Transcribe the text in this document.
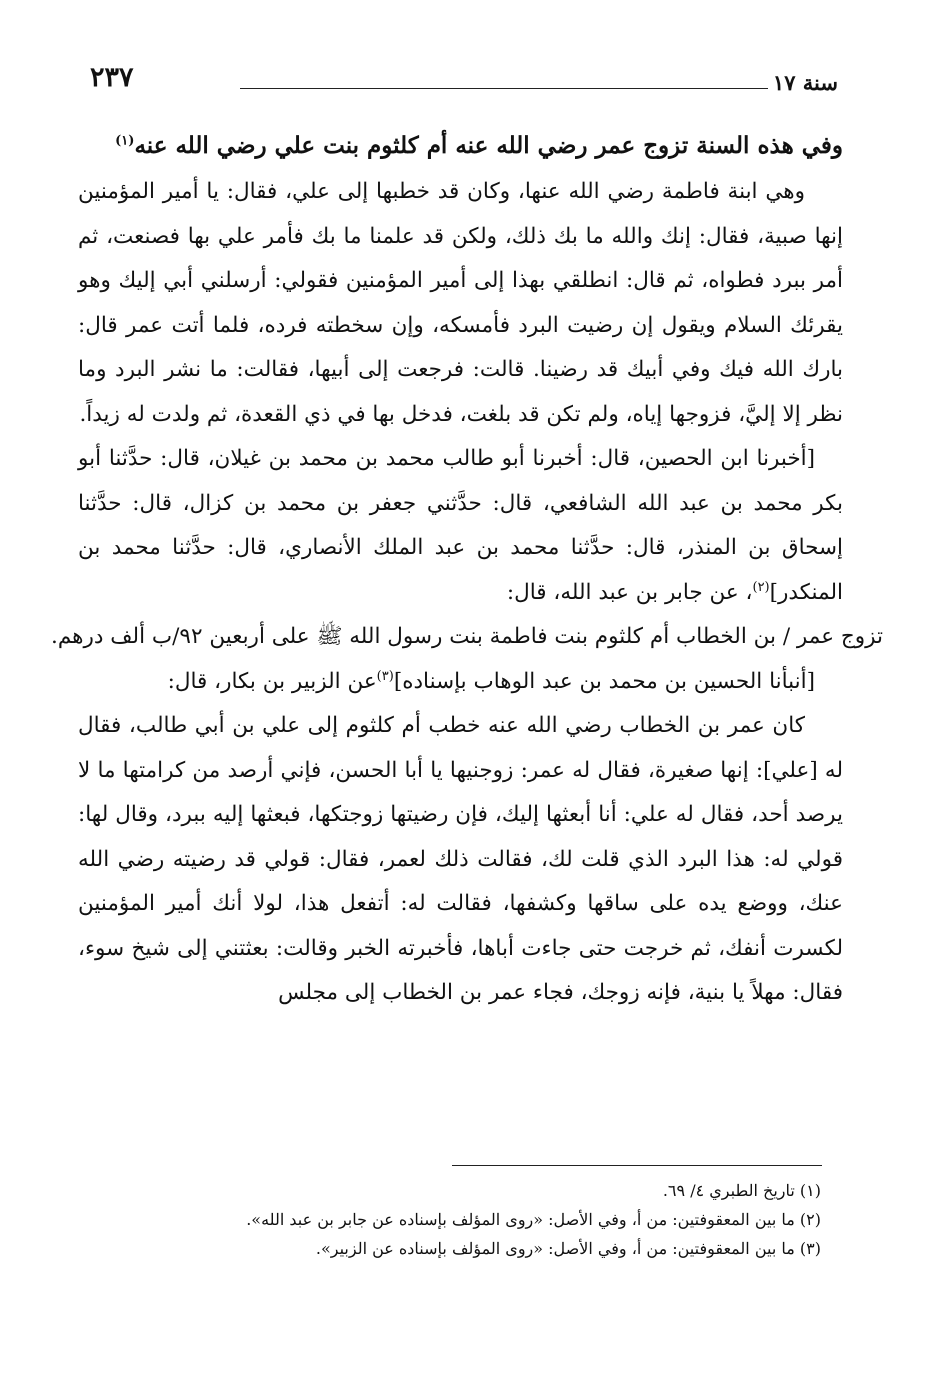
٢٣٧	سنة ١٧
وفي هذه السنة تزوج عمر رضي الله عنه أم كلثوم بنت علي رضي الله عنه$^{(١)}$

وهي ابنة فاطمة رضي الله عنها، وكان قد خطبها إلى علي، فقال: يا أمير المؤمنين إنها صبية، فقال: إنك والله ما بك ذلك، ولكن قد علمنا ما بك فأمر علي بها فصنعت، ثم أمر ببرد فطواه، ثم قال: انطلقي بهذا إلى أمير المؤمنين فقولي: أرسلني أبي إليك وهو يقرئك السلام ويقول إن رضيت البرد فأمسكه، وإن سخطته فرده، فلما أتت عمر قال: بارك الله فيك وفي أبيك قد رضينا. قالت: فرجعت إلى أبيها، فقالت: ما نشر البرد وما نظر إلا إليَّ، فزوجها إياه، ولم تكن قد بلغت، فدخل بها في ذي القعدة، ثم ولدت له زيداً.

[أخبرنا ابن الحصين، قال: أخبرنا أبو طالب محمد بن محمد بن غيلان، قال: حدَّثنا أبو بكر محمد بن عبد الله الشافعي، قال: حدَّثني جعفر بن محمد بن كزال، قال: حدَّثنا إسحاق بن المنذر، قال: حدَّثنا محمد بن عبد الملك الأنصاري، قال: حدَّثنا محمد بن المنكدر]$^{(٢)}$، عن جابر بن عبد الله، قال:

تزوج عمر / بن الخطاب أم كلثوم بنت فاطمة بنت رسول الله ﷺ على أربعين ٩٢/ب ألف درهم.

[أنبأنا الحسين بن محمد بن عبد الوهاب بإسناده]$^{(٣)}$عن الزبير بن بكار، قال:

كان عمر بن الخطاب رضي الله عنه خطب أم كلثوم إلى علي بن أبي طالب، فقال له [علي]: إنها صغيرة، فقال له عمر: زوجنيها يا أبا الحسن، فإني أرصد من كرامتها ما لا يرصد أحد، فقال له علي: أنا أبعثها إليك، فإن رضيتها زوجتكها، فبعثها إليه ببرد، وقال لها: قولي له: هذا البرد الذي قلت لك، فقالت ذلك لعمر، فقال: قولي قد رضيته رضي الله عنك، ووضع يده على ساقها وكشفها، فقالت له: أتفعل هذا، لولا أنك أمير المؤمنين لكسرت أنفك، ثم خرجت حتى جاءت أباها، فأخبرته الخبر وقالت: بعثتني إلى شيخ سوء، فقال: مهلاً يا بنية، فإنه زوجك، فجاء عمر بن الخطاب إلى مجلس

(١) تاريخ الطبري ٤/ ٦٩.
(٢) ما بين المعقوفتين: من أ، وفي الأصل: «روى المؤلف بإسناده عن جابر بن عبد الله».
(٣) ما بين المعقوفتين: من أ، وفي الأصل: «روى المؤلف بإسناده عن الزبير».
